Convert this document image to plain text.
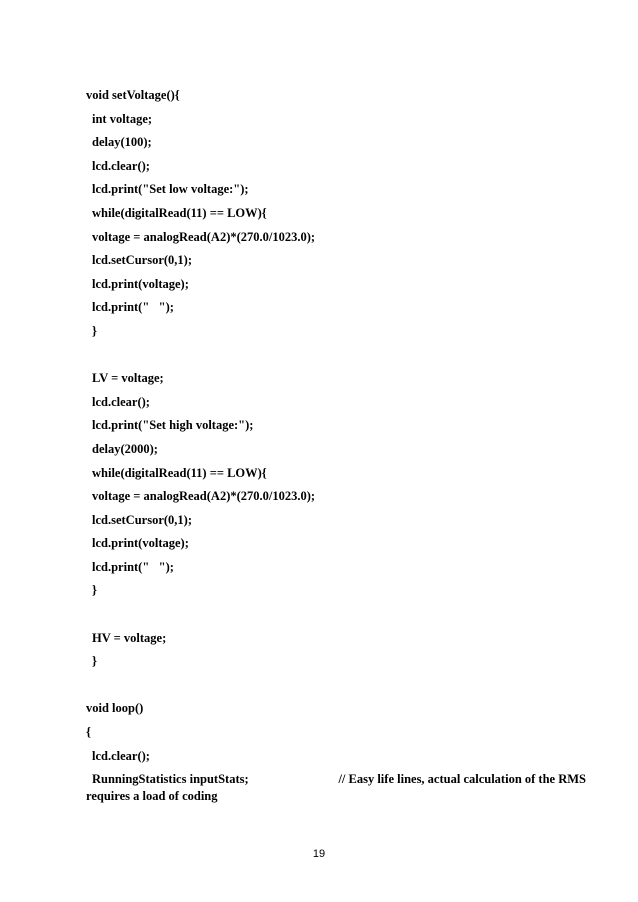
void setVoltage(){
int voltage;
delay(100);
lcd.clear();
lcd.print("Set low voltage:");
while(digitalRead(11) == LOW){
voltage = analogRead(A2)*(270.0/1023.0);
lcd.setCursor(0,1);
lcd.print(voltage);
lcd.print("   ");
}
LV = voltage;
lcd.clear();
lcd.print("Set high voltage:");
delay(2000);
while(digitalRead(11) == LOW){
voltage = analogRead(A2)*(270.0/1023.0);
lcd.setCursor(0,1);
lcd.print(voltage);
lcd.print("   ");
}
HV = voltage;
}
void loop()
{
lcd.clear();
RunningStatistics inputStats;	// Easy life lines, actual calculation of the RMS
requires a load of coding
19
